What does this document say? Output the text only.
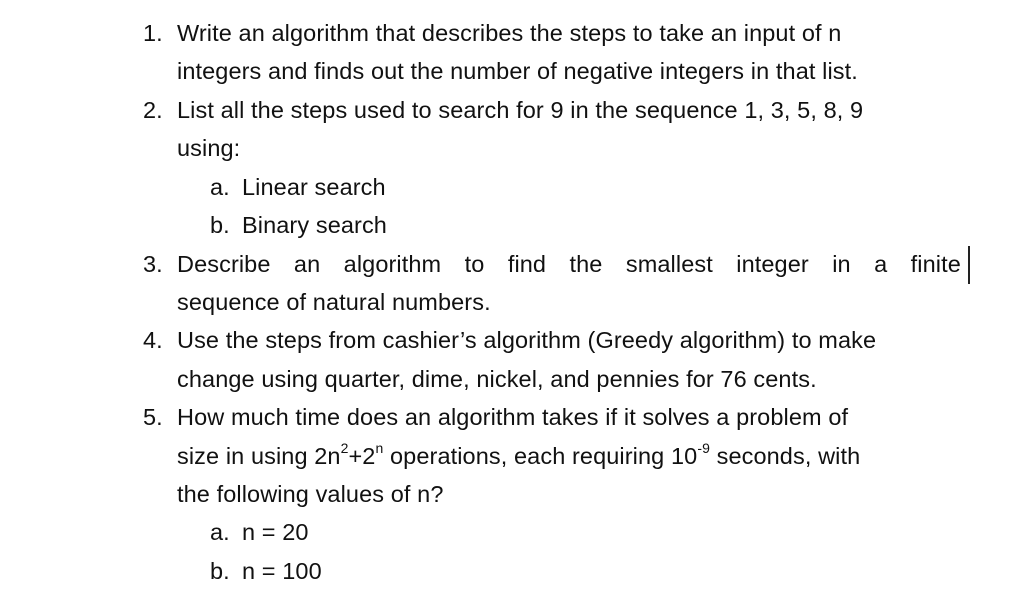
1. Write an algorithm that describes the steps to take an input of n
integers and finds out the number of negative integers in that list.
2. List all the steps used to search for 9 in the sequence 1, 3, 5, 8, 9
using:
a. Linear search
b. Binary search
3. Describe an algorithm to find the smallest integer in a finite
sequence of natural numbers.
4. Use the steps from cashier’s algorithm (Greedy algorithm) to make
change using quarter, dime, nickel, and pennies for 76 cents.
5. How much time does an algorithm takes if it solves a problem of
size in using $2n^2+2^n$ operations, each requiring $10^{-9}$ seconds, with
the following values of n?
a. n = 20
b. n = 100
